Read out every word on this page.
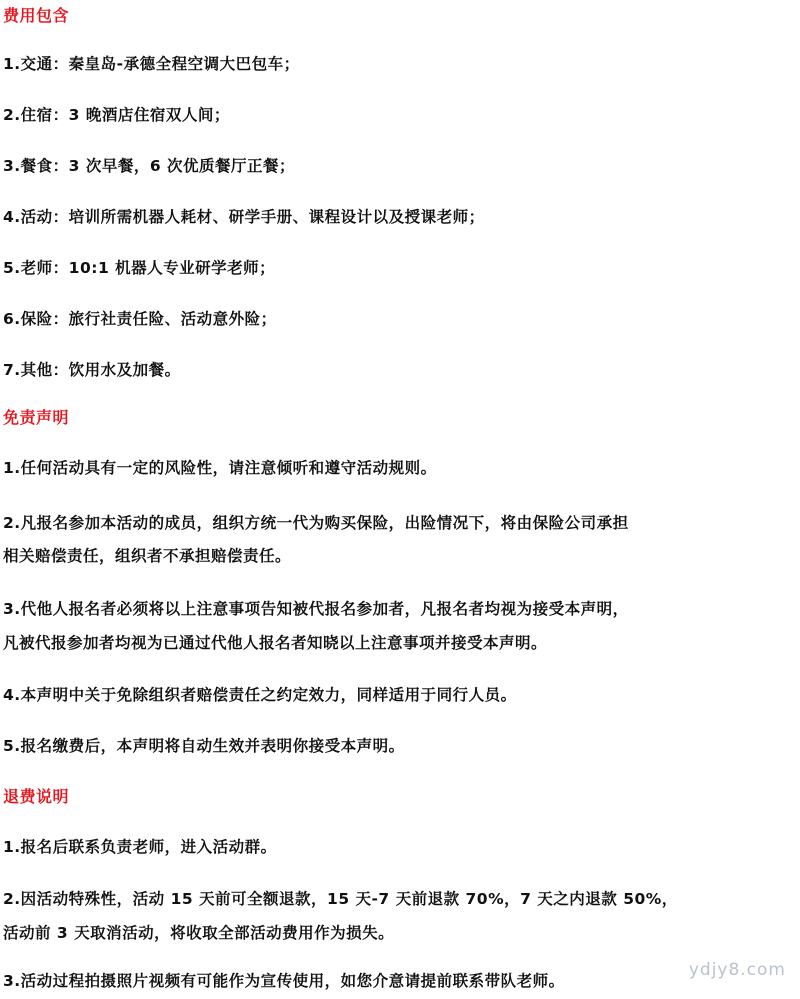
费用包含
1.交通：秦皇岛-承德全程空调大巴包车；
2.住宿：3 晚酒店住宿双人间；
3.餐食：3 次早餐，6 次优质餐厅正餐；
4.活动：培训所需机器人耗材、研学手册、课程设计以及授课老师；
5.老师：10:1 机器人专业研学老师；
6.保险：旅行社责任险、活动意外险；
7.其他：饮用水及加餐。
免责声明
1.任何活动具有一定的风险性，请注意倾听和遵守活动规则。
2.凡报名参加本活动的成员，组织方统一代为购买保险，出险情况下，将由保险公司承担
相关赔偿责任，组织者不承担赔偿责任。
3.代他人报名者必须将以上注意事项告知被代报名参加者，凡报名者均视为接受本声明，
凡被代报参加者均视为已通过代他人报名者知晓以上注意事项并接受本声明。
4.本声明中关于免除组织者赔偿责任之约定效力，同样适用于同行人员。
5.报名缴费后，本声明将自动生效并表明你接受本声明。
退费说明
1.报名后联系负责老师，进入活动群。
2.因活动特殊性，活动 15 天前可全额退款，15 天-7 天前退款 70%，7 天之内退款 50%，
活动前 3 天取消活动，将收取全部活动费用作为损失。
3.活动过程拍摄照片视频有可能作为宣传使用，如您介意请提前联系带队老师。
ydjy8.com
